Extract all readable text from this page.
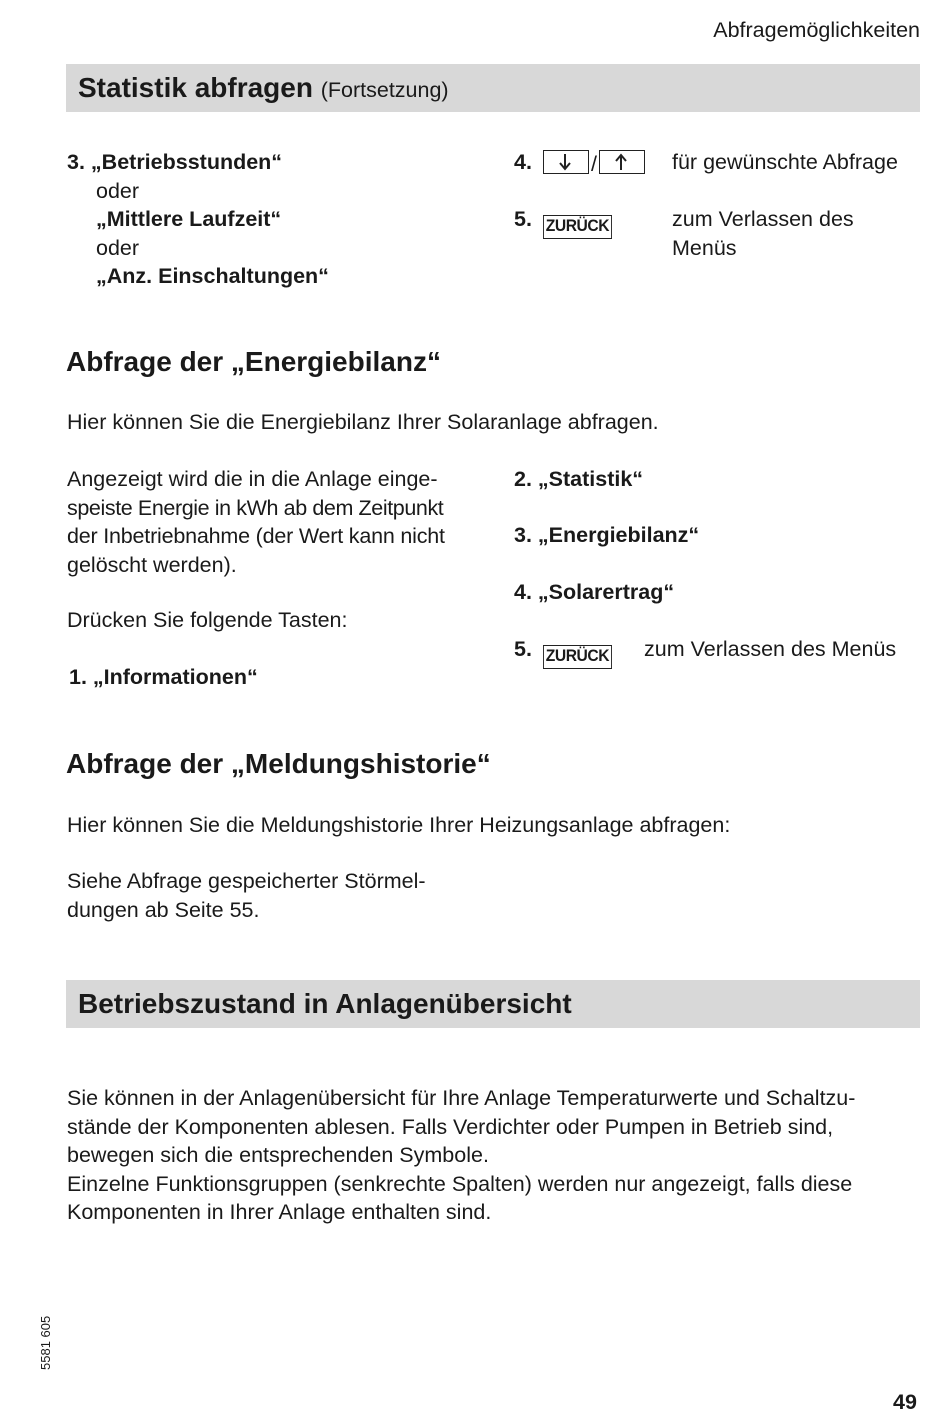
Abfragemöglichkeiten
Statistik abfragen (Fortsetzung)
3. „Betriebsstunden“
oder
„Mittlere Laufzeit“
oder
„Anz. Einschaltungen“
4.	/	für gewünschte Abfrage
5. ZURÜCK	zum Verlassen des
Menüs
Abfrage der „Energiebilanz“
Hier können Sie die Energiebilanz Ihrer Solaranlage abfragen.
Angezeigt wird die in die Anlage einge-
speiste Energie in kWh ab dem Zeitpunkt
der Inbetriebnahme (der Wert kann nicht
gelöscht werden).
Drücken Sie folgende Tasten:
1. „Informationen“
2. „Statistik“
3. „Energiebilanz“
4. „Solarertrag“
5. ZURÜCK	zum Verlassen des Menüs
Abfrage der „Meldungshistorie“
Hier können Sie die Meldungshistorie Ihrer Heizungsanlage abfragen:
Siehe Abfrage gespeicherter Störmel-
dungen ab Seite 55.
Betriebszustand in Anlagenübersicht
Sie können in der Anlagenübersicht für Ihre Anlage Temperaturwerte und Schaltzu-
stände der Komponenten ablesen. Falls Verdichter oder Pumpen in Betrieb sind,
bewegen sich die entsprechenden Symbole.
Einzelne Funktionsgruppen (senkrechte Spalten) werden nur angezeigt, falls diese
Komponenten in Ihrer Anlage enthalten sind.
5581 605
49
